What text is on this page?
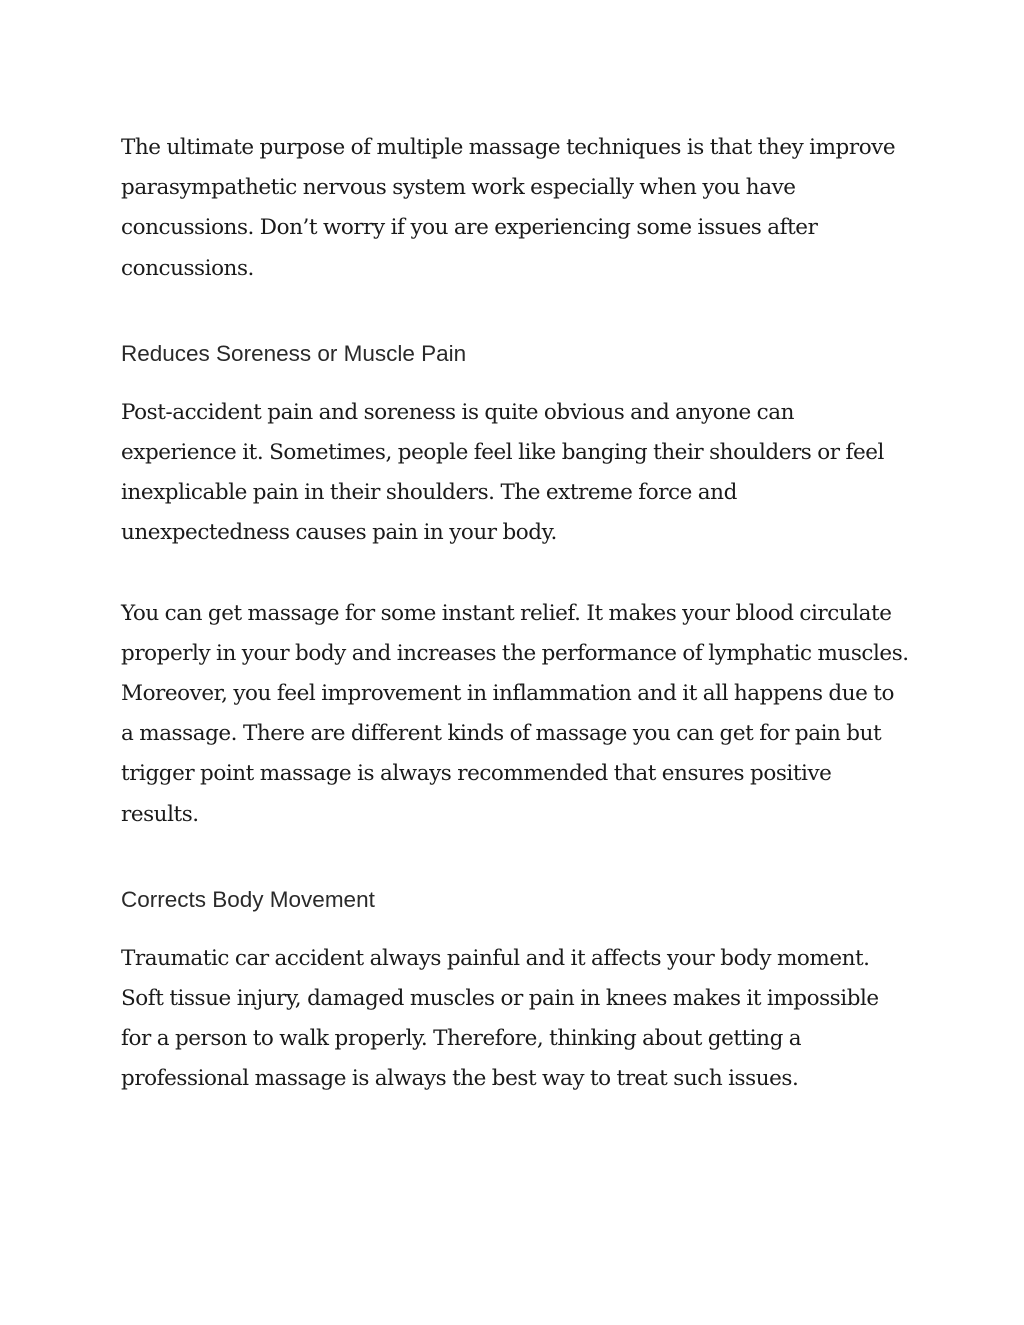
The ultimate purpose of multiple massage techniques is that they improve parasympathetic nervous system work especially when you have concussions. Don’t worry if you are experiencing some issues after concussions.

Reduces Soreness or Muscle Pain

Post-accident pain and soreness is quite obvious and anyone can experience it. Sometimes, people feel like banging their shoulders or feel inexplicable pain in their shoulders. The extreme force and unexpectedness causes pain in your body.

You can get massage for some instant relief. It makes your blood circulate properly in your body and increases the performance of lymphatic muscles. Moreover, you feel improvement in inflammation and it all happens due to a massage. There are different kinds of massage you can get for pain but trigger point massage is always recommended that ensures positive results.

Corrects Body Movement

Traumatic car accident always painful and it affects your body moment. Soft tissue injury, damaged muscles or pain in knees makes it impossible for a person to walk properly. Therefore, thinking about getting a professional massage is always the best way to treat such issues.
